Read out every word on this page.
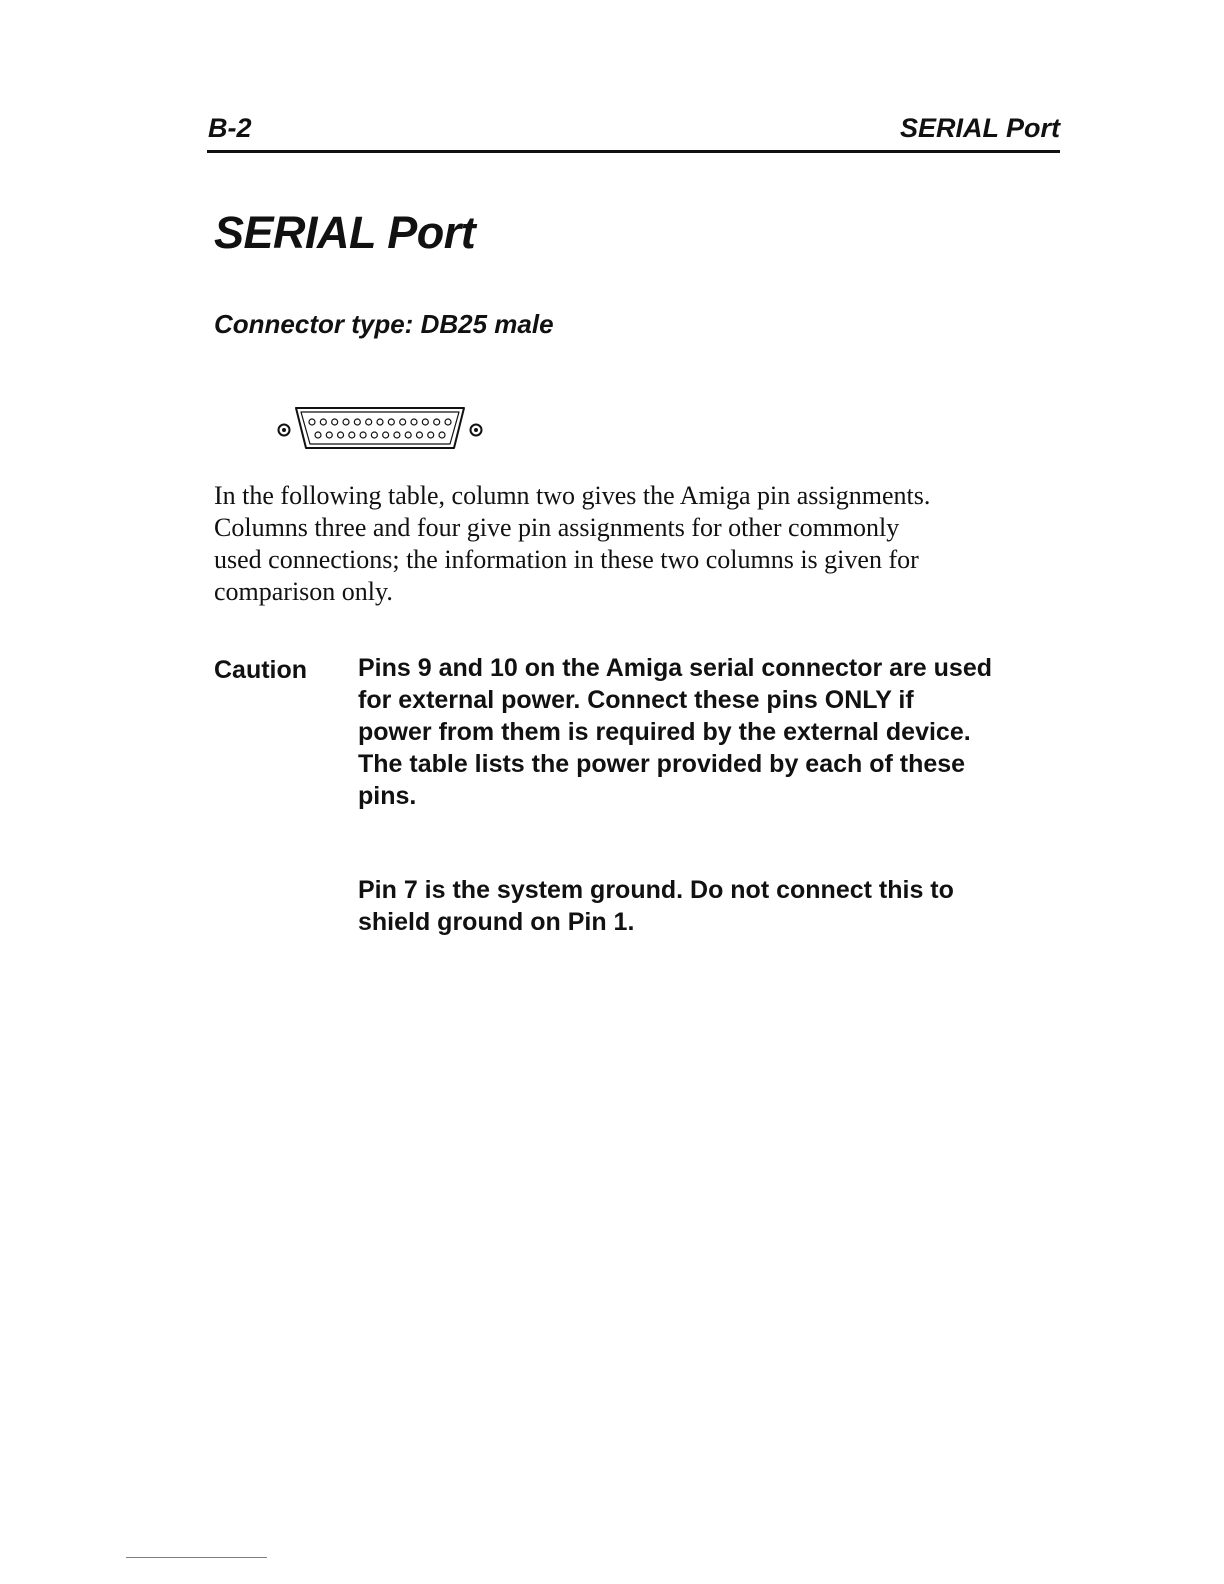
B-2	SERIAL Port
SERIAL Port
Connector type: DB25 male
In the following table, column two gives the Amiga pin assignments.
Columns three and four give pin assignments for other commonly
used connections; the information in these two columns is given for
comparison only.
Caution Pins 9 and 10 on the Amiga serial connector are used
for external power. Connect these pins ONLY if
power from them is required by the external device.
The table lists the power provided by each of these
pins.
Pin 7 is the system ground. Do not connect this to
shield ground on Pin 1.
